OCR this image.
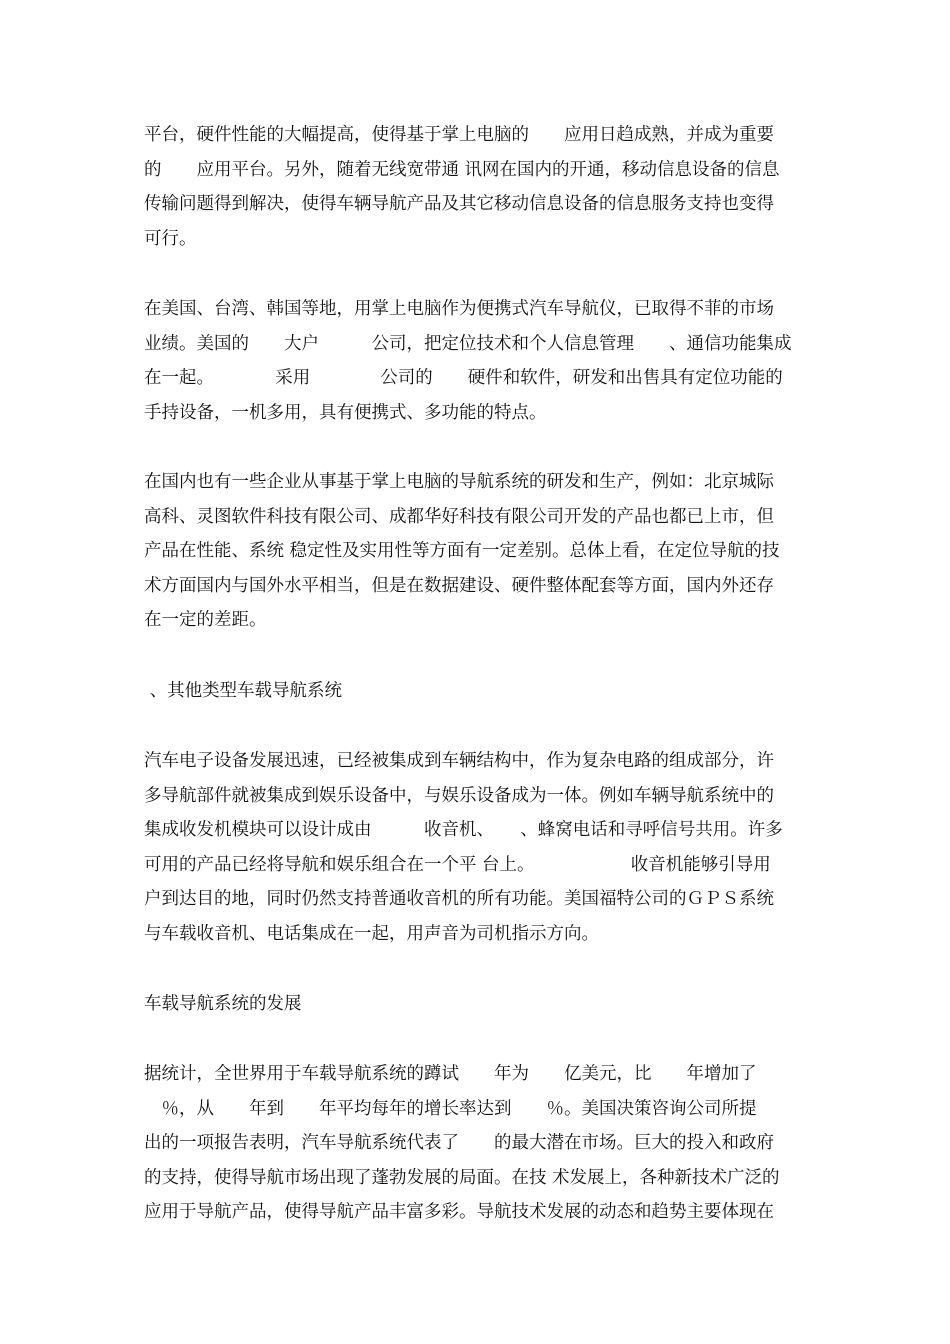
平台，硬件性能的大幅提高，使得基于掌上电脑的　　应用日趋成熟，并成为重要
的　　应用平台。另外，随着无线宽带通 讯网在国内的开通，移动信息设备的信息
传输问题得到解决，使得车辆导航产品及其它移动信息设备的信息服务支持也变得
可行。
在美国、台湾、韩国等地，用掌上电脑作为便携式汽车导航仪，已取得不菲的市场
业绩。美国的　　大户　　　公司，把定位技术和个人信息管理　　、通信功能集成
在一起。　　　　采用　　　　公司的　　硬件和软件，研发和出售具有定位功能的
手持设备，一机多用，具有便携式、多功能的特点。
在国内也有一些企业从事基于掌上电脑的导航系统的研发和生产，例如：北京城际
高科、灵图软件科技有限公司、成都华好科技有限公司开发的产品也都已上市，但
产品在性能、系统 稳定性及实用性等方面有一定差别。总体上看，在定位导航的技
术方面国内与国外水平相当，但是在数据建设、硬件整体配套等方面，国内外还存
在一定的差距。
、其他类型车载导航系统
汽车电子设备发展迅速，已经被集成到车辆结构中，作为复杂电路的组成部分，许
多导航部件就被集成到娱乐设备中，与娱乐设备成为一体。例如车辆导航系统中的
集成收发机模块可以设计成由　　　收音机、　　、蜂窝电话和寻呼信号共用。许多
可用的产品已经将导航和娱乐组合在一个平 台上。　　　　　　收音机能够引导用
户到达目的地，同时仍然支持普通收音机的所有功能。美国福特公司的ＧＰＳ系统
与车载收音机、电话集成在一起，用声音为司机指示方向。
车载导航系统的发展
据统计，全世界用于车载导航系统的蹲试　　年为　　亿美元，比　　年增加了
　％，从　　年到　　年平均每年的增长率达到　　％。美国决策咨询公司所提
出的一项报告表明，汽车导航系统代表了　　的最大潜在市场。巨大的投入和政府
的支持，使得导航市场出现了蓬勃发展的局面。在技 术发展上，各种新技术广泛的
应用于导航产品，使得导航产品丰富多彩。导航技术发展的动态和趋势主要体现在
